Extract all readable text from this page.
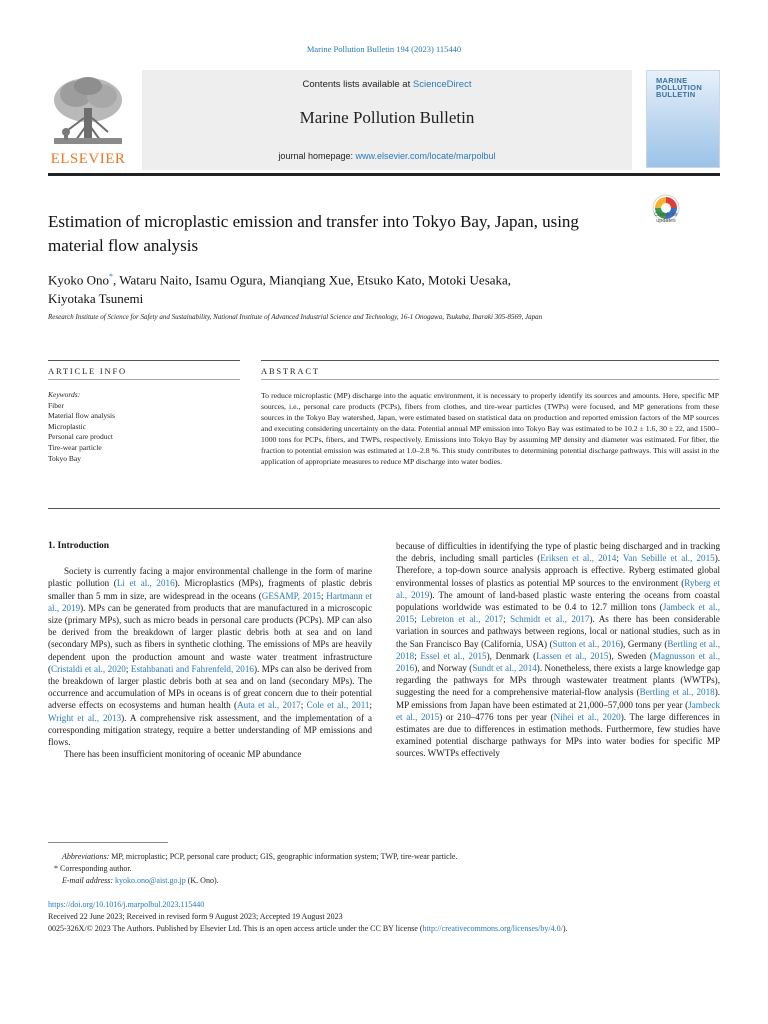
Marine Pollution Bulletin 194 (2023) 115440
ELSEVIER
Contents lists available at ScienceDirect
Marine Pollution Bulletin
journal homepage: www.elsevier.com/locate/marpolbul
MARINE
POLLUTION
BULLETIN
Estimation of microplastic emission and transfer into Tokyo Bay, Japan, using material flow analysis
Check for updates
Kyoko Ono*, Wataru Naito, Isamu Ogura, Mianqiang Xue, Etsuko Kato, Motoki Uesaka,
Kiyotaka Tsunemi
Research Institute of Science for Safety and Sustainability, National Institute of Advanced Industrial Science and Technology, 16-1 Onogawa, Tsukuba, Ibaraki 305-8569, Japan
ARTICLE INFO	ABSTRACT
Keywords:
Fiber
Material flow analysis
Microplastic
Personal care product
Tire-wear particle
Tokyo Bay
To reduce microplastic (MP) discharge into the aquatic environment, it is necessary to properly identify its sources and amounts. Here, specific MP sources, i.e., personal care products (PCPs), fibers from clothes, and tire-wear particles (TWPs) were focused, and MP generations from these sources in the Tokyo Bay watershed, Japan, were estimated based on statistical data on production and reported emission factors of the MP sources and executing considering uncertainty on the data. Potential annual MP emission into Tokyo Bay was estimated to be 10.2 ± 1.6, 30 ± 22, and 1500–1000 tons for PCPs, fibers, and TWPs, respectively. Emissions into Tokyo Bay by assuming MP density and diameter was estimated. For fiber, the fraction to potential emission was estimated at 1.0–2.8 %. This study contributes to determining potential discharge pathways. This will assist in the application of appropriate measures to reduce MP discharge into water bodies.
1. Introduction

Society is currently facing a major environmental challenge in the form of marine plastic pollution (Li et al., 2016). Microplastics (MPs), fragments of plastic debris smaller than 5 mm in size, are widespread in the oceans (GESAMP, 2015; Hartmann et al., 2019). MPs can be generated from products that are manufactured in a microscopic size (primary MPs), such as micro beads in personal care products (PCPs). MP can also be derived from the breakdown of larger plastic debris both at sea and on land (secondary MPs), such as fibers in synthetic clothing. The emissions of MPs are heavily dependent upon the production amount and waste water treatment infrastructure (Cristaldi et al., 2020; Estahbanati and Fahrenfeld, 2016). MPs can also be derived from the breakdown of larger plastic debris both at sea and on land (secondary MPs). The occurrence and accumulation of MPs in oceans is of great concern due to their potential adverse effects on ecosystems and human health (Auta et al., 2017; Cole et al., 2011; Wright et al., 2013). A comprehensive risk assessment, and the implementation of a corresponding mitigation strategy, require a better understanding of MP emissions and flows.

There has been insufficient monitoring of oceanic MP abundance

because of difficulties in identifying the type of plastic being discharged and in tracking the debris, including small particles (Eriksen et al., 2014; Van Sebille et al., 2015). Therefore, a top-down source analysis approach is effective. Ryberg estimated global environmental losses of plastics as potential MP sources to the environment (Ryberg et al., 2019). The amount of land-based plastic waste entering the oceans from coastal populations worldwide was estimated to be 0.4 to 12.7 million tons (Jambeck et al., 2015; Lebreton et al., 2017; Schmidt et al., 2017). As there has been considerable variation in sources and pathways between regions, local or national studies, such as in the San Francisco Bay (California, USA) (Sutton et al., 2016), Germany (Bertling et al., 2018; Essel et al., 2015), Denmark (Lassen et al., 2015), Sweden (Magnusson et al., 2016), and Norway (Sundt et al., 2014). Nonetheless, there exists a large knowledge gap regarding the pathways for MPs through wastewater treatment plants (WWTPs), suggesting the need for a comprehensive material-flow analysis (Bertling et al., 2018). MP emissions from Japan have been estimated at 21,000–57,000 tons per year (Jambeck et al., 2015) or 210–4776 tons per year (Nihei et al., 2020). The large differences in estimates are due to differences in estimation methods. Furthermore, few studies have examined potential discharge pathways for MPs into water bodies for specific MP sources. WWTPs effectively

Abbreviations: MP, microplastic; PCP, personal care product; GIS, geographic information system; TWP, tire-wear particle.
* Corresponding author.
E-mail address: kyoko.ono@aist.go.jp (K. Ono).
https://doi.org/10.1016/j.marpolbul.2023.115440
Received 22 June 2023; Received in revised form 9 August 2023; Accepted 19 August 2023
0025-326X/© 2023 The Authors. Published by Elsevier Ltd. This is an open access article under the CC BY license (http://creativecommons.org/licenses/by/4.0/).
